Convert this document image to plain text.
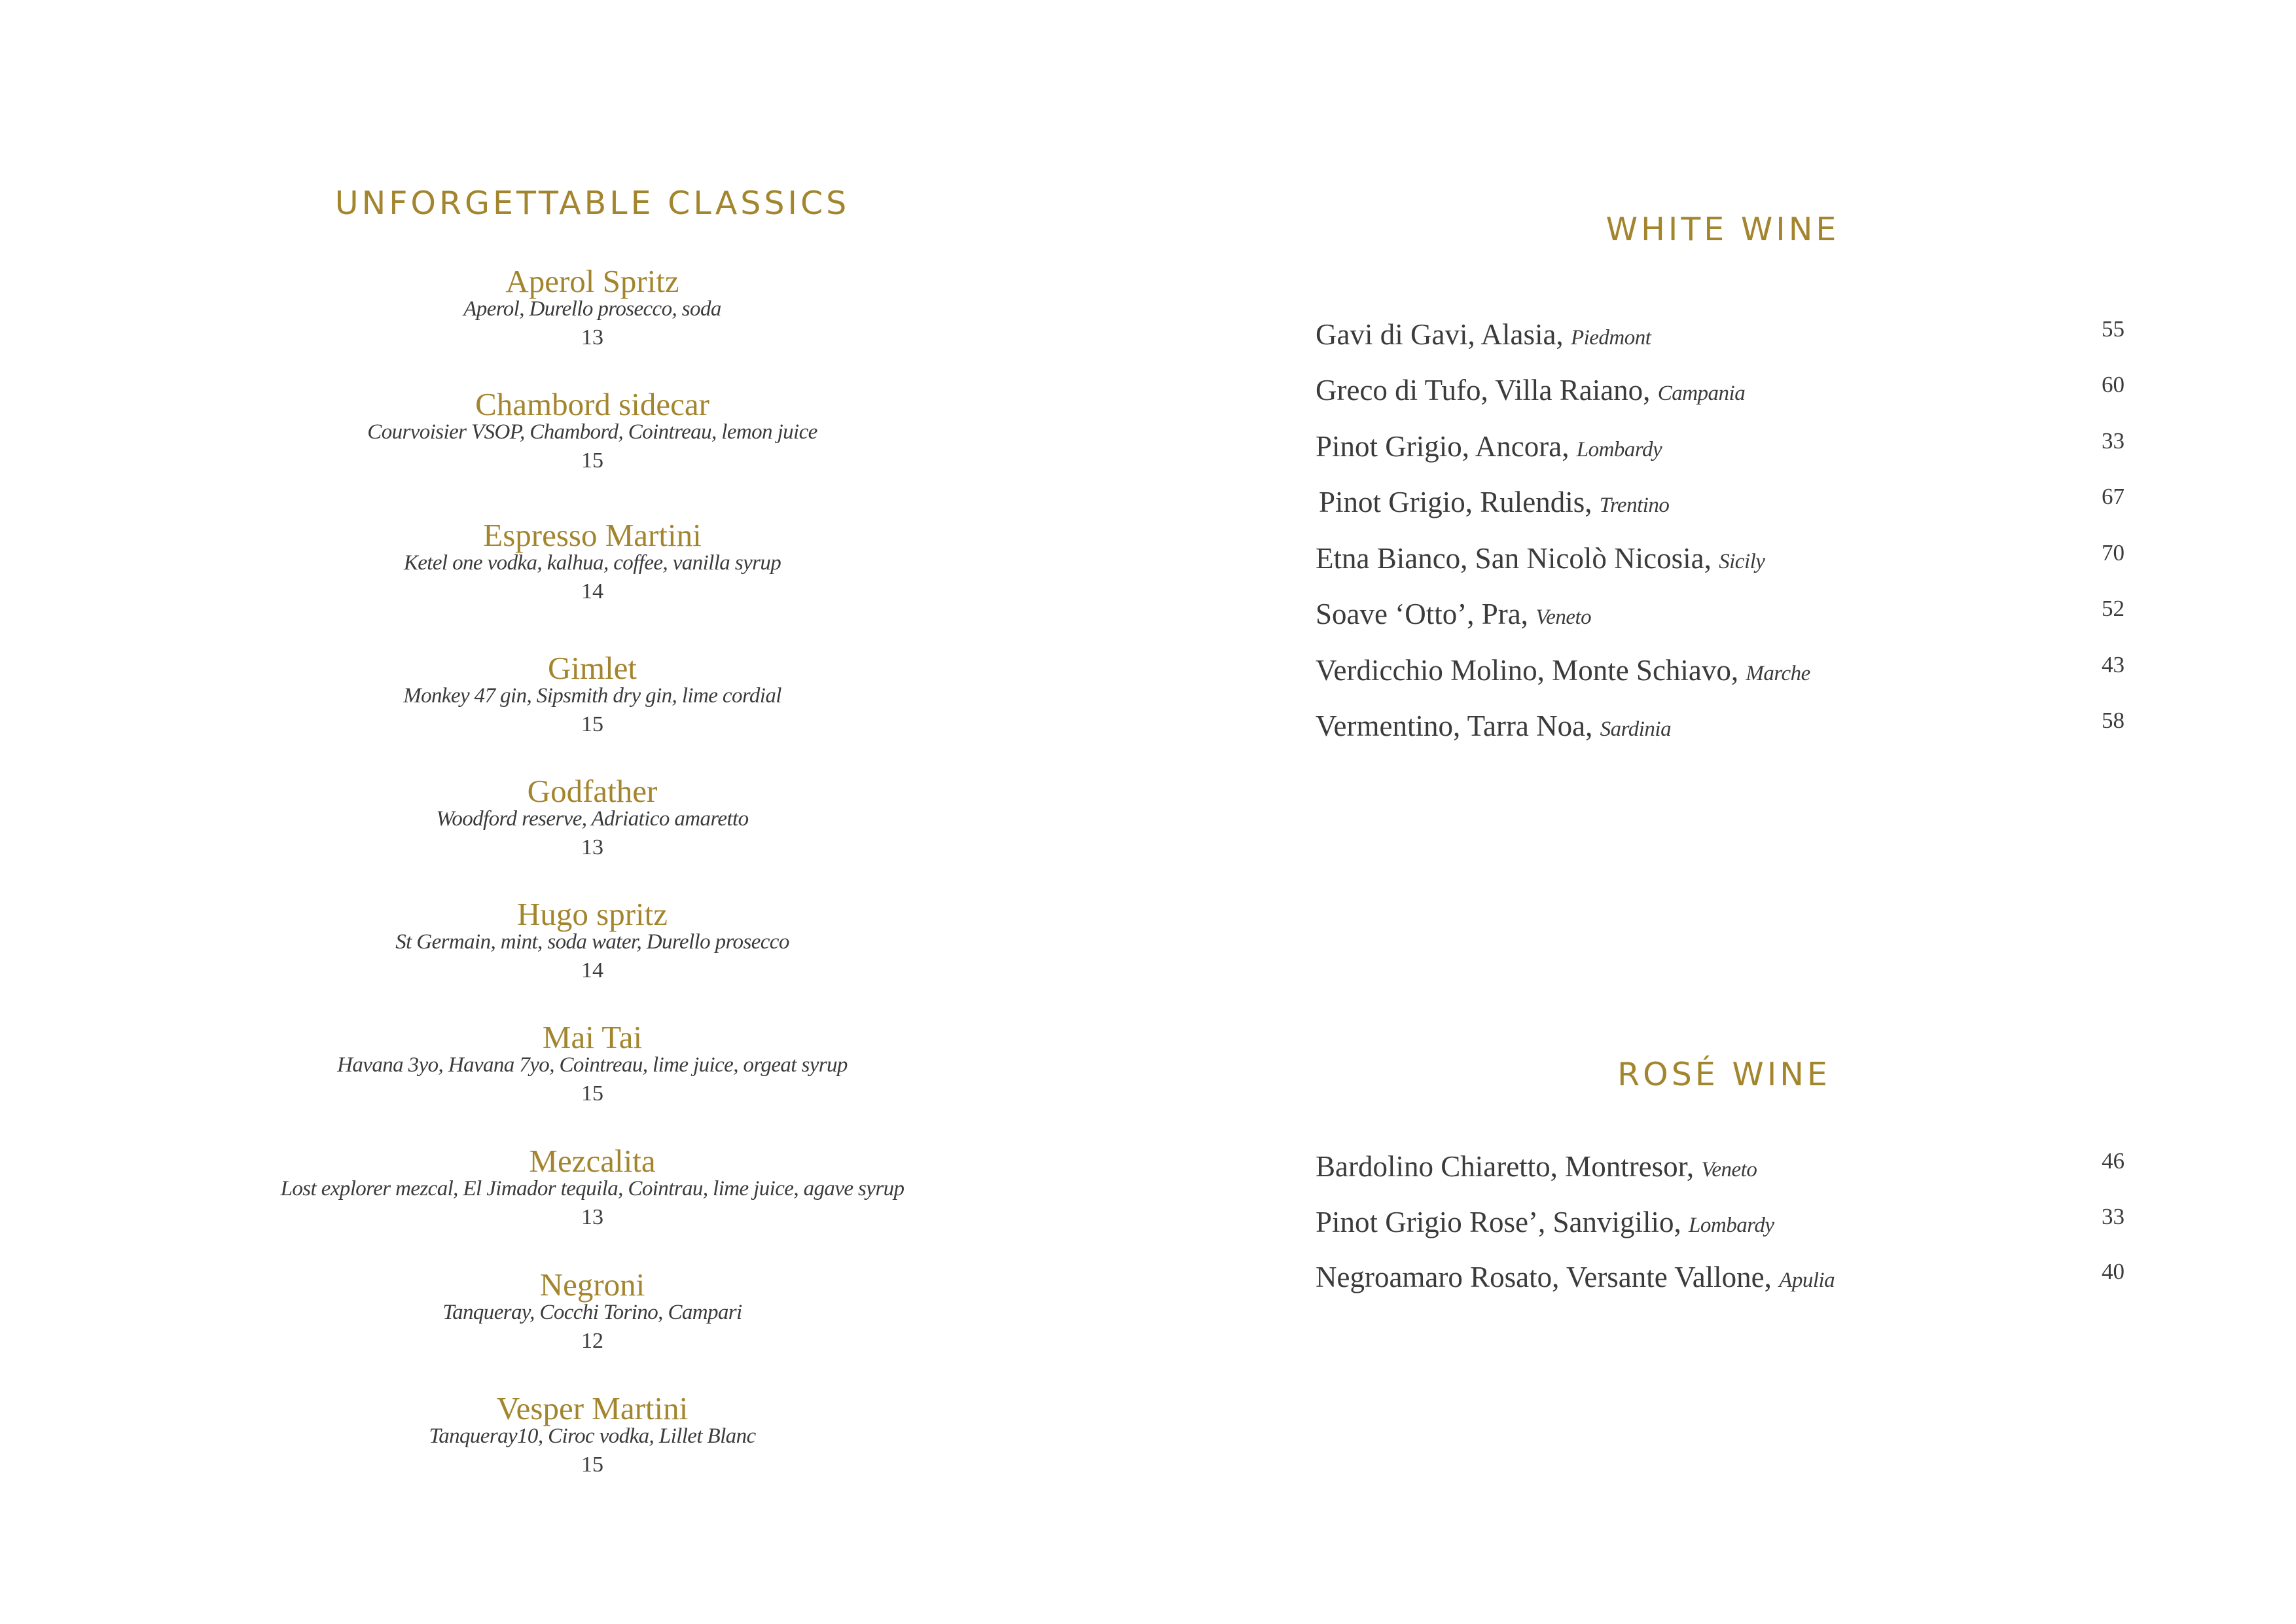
UNFORGETTABLE CLASSICS
Aperol Spritz
Aperol, Durello prosecco, soda
13
Chambord sidecar
Courvoisier VSOP, Chambord, Cointreau, lemon juice
15
Espresso Martini
Ketel one vodka, kalhua, coffee, vanilla syrup
14
Gimlet
Monkey 47 gin, Sipsmith dry gin, lime cordial
15
Godfather
Woodford reserve, Adriatico amaretto
13
Hugo spritz
St Germain, mint, soda water, Durello prosecco
14
Mai Tai
Havana 3yo, Havana 7yo, Cointreau, lime juice, orgeat syrup
15
Mezcalita
Lost explorer mezcal, El Jimador tequila, Cointrau, lime juice, agave syrup
13
Negroni
Tanqueray, Cocchi Torino, Campari
12
Vesper Martini
Tanqueray10, Ciroc vodka, Lillet Blanc
15
WHITE WINE
Gavi di Gavi, Alasia, Piedmont	55
Greco di Tufo, Villa Raiano, Campania	60
Pinot Grigio, Ancora, Lombardy	33
Pinot Grigio, Rulendis, Trentino	67
Etna Bianco, San Nicolò Nicosia, Sicily	70
Soave ‘Otto’, Pra, Veneto	52
Verdicchio Molino, Monte Schiavo, Marche	43
Vermentino, Tarra Noa, Sardinia	58
ROSÉ WINE
Bardolino Chiaretto, Montresor, Veneto	46
Pinot Grigio Rose’, Sanvigilio, Lombardy	33
Negroamaro Rosato, Versante Vallone, Apulia	40
